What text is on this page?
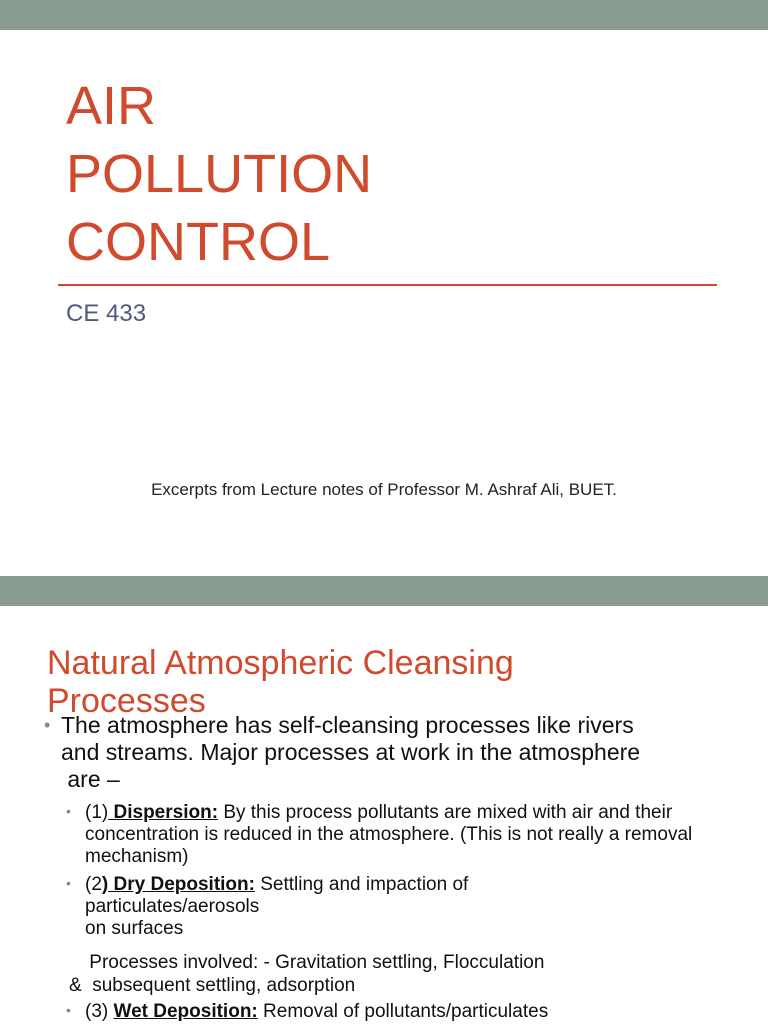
AIR
POLLUTION
CONTROL
CE 433
Excerpts from Lecture notes of Professor M. Ashraf Ali, BUET.
Natural Atmospheric Cleansing Processes
• The atmosphere has self-cleansing processes like rivers
and streams. Major processes at work in the atmosphere
are –
• (1) Dispersion: By this process pollutants are mixed with air and their concentration is reduced in the atmosphere. (This is not really a removal mechanism)
• (2) Dry Deposition: Settling and impaction of
particulates/aerosols
on surfaces
Processes involved: - Gravitation settling, Flocculation
&  subsequent settling, adsorption
• (3) Wet Deposition: Removal of pollutants/particulates
